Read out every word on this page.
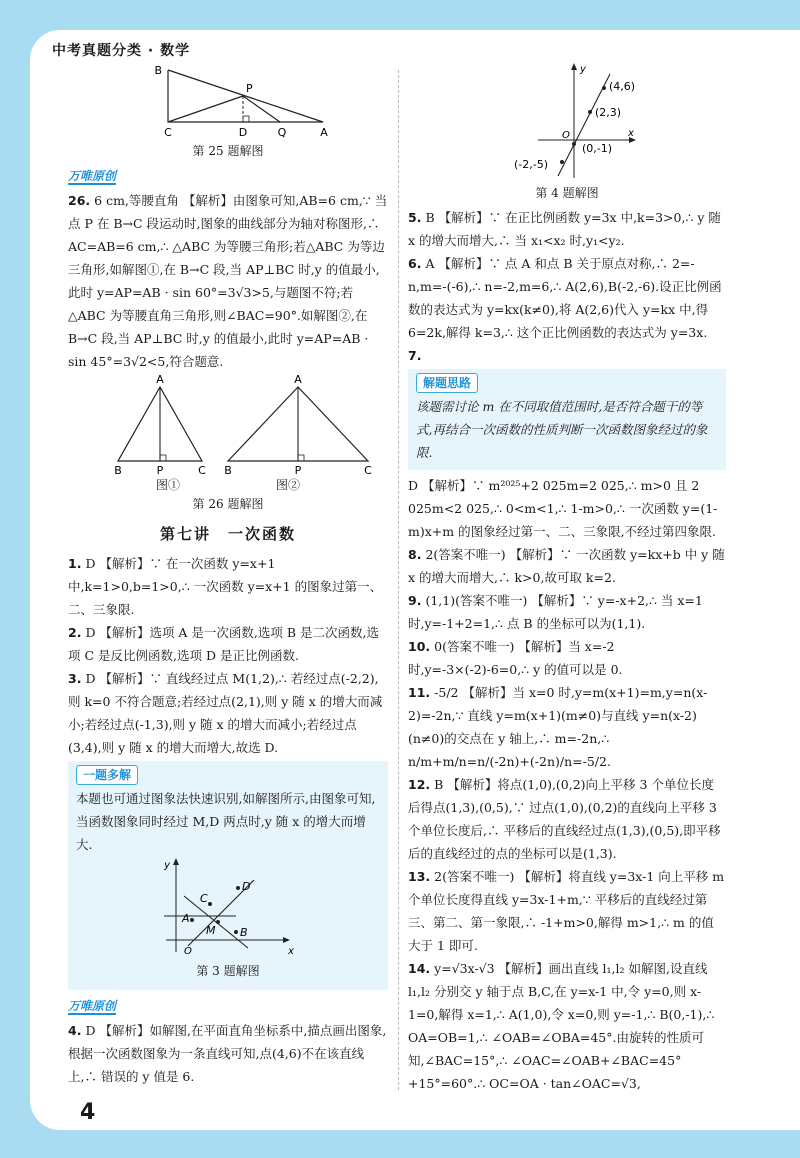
中考真题分类 · 数学
B
P
C	D	Q	A
第 25 题解图
万唯原创
26. 6 cm,等腰直角 【解析】由图象可知,AB=6 cm,∵ 当点 P 在 B→C 段运动时,图象的曲线部分为轴对称图形,∴ AC=AB=6 cm,∴ △ABC 为等腰三角形;若△ABC 为等边三角形,如解图①,在 B→C 段,当 AP⊥BC 时,y 的值最小,此时 y=AP=AB · sin 60°=3√3>5,与题图不符;若△ABC 为等腰直角三角形,则∠BAC=90°.如解图②,在 B→C 段,当 AP⊥BC 时,y 的值最小,此时 y=AP=AB · sin 45°=3√2<5,符合题意.
A
B	P	C
A
B	P	C
图①	图②
第 26 题解图
第七讲　一次函数
1. D 【解析】∵ 在一次函数 y=x+1 中,k=1>0,b=1>0,∴ 一次函数 y=x+1 的图象过第一、二、三象限.
2. D 【解析】选项 A 是一次函数,选项 B 是二次函数,选项 C 是反比例函数,选项 D 是正比例函数.
3. D 【解析】∵ 直线经过点 M(1,2),∴ 若经过点(-2,2),则 k=0 不符合题意;若经过点(2,1),则 y 随 x 的增大而减小;若经过点(-1,3),则 y 随 x 的增大而减小;若经过点(3,4),则 y 随 x 的增大而增大,故选 D.
一题多解
本题也可通过图象法快速识别,如解图所示,由图象可知,当函数图象同时经过 M,D 两点时,y 随 x 的增大而增大.
y
C
D
A
M B
O	x
第 3 题解图
万唯原创
4. D 【解析】如解图,在平面直角坐标系中,描点画出图象,根据一次函数图象为一条直线可知,点(4,6)不在该直线上,∴ 错误的 y 值是 6.
y
(4,6)
(2,3)
O	x
(0,-1)
(-2,-5)
第 4 题解图
5. B 【解析】∵ 在正比例函数 y=3x 中,k=3>0,∴ y 随 x 的增大而增大,∴ 当 x₁<x₂ 时,y₁<y₂.
6. A 【解析】∵ 点 A 和点 B 关于原点对称,∴ 2=-n,m=-(-6),∴ n=-2,m=6,∴ A(2,6),B(-2,-6).设正比例函数的表达式为 y=kx(k≠0),将 A(2,6)代入 y=kx 中,得 6=2k,解得 k=3,∴ 这个正比例函数的表达式为 y=3x.
7.
解题思路
该题需讨论 m 在不同取值范围时,是否符合题干的等式,再结合一次函数的性质判断一次函数图象经过的象限.
D 【解析】∵ m²⁰²⁵+2 025m=2 025,∴ m>0 且 2 025m<2 025,∴ 0<m<1,∴ 1-m>0,∴ 一次函数 y=(1-m)x+m 的图象经过第一、二、三象限,不经过第四象限.
8. 2(答案不唯一) 【解析】∵ 一次函数 y=kx+b 中 y 随 x 的增大而增大,∴ k>0,故可取 k=2.
9. (1,1)(答案不唯一) 【解析】∵ y=-x+2,∴ 当 x=1 时,y=-1+2=1,∴ 点 B 的坐标可以为(1,1).
10. 0(答案不唯一) 【解析】当 x=-2 时,y=-3×(-2)-6=0,∴ y 的值可以是 0.
11. -5/2 【解析】当 x=0 时,y=m(x+1)=m,y=n(x-2)=-2n,∵ 直线 y=m(x+1)(m≠0)与直线 y=n(x-2)(n≠0)的交点在 y 轴上,∴ m=-2n,∴ n/m+m/n=n/(-2n)+(-2n)/n=-5/2.
12. B 【解析】将点(1,0),(0,2)向上平移 3 个单位长度后得点(1,3),(0,5),∵ 过点(1,0),(0,2)的直线向上平移 3 个单位长度后,∴ 平移后的直线经过点(1,3),(0,5),即平移后的直线经过的点的坐标可以是(1,3).
13. 2(答案不唯一) 【解析】将直线 y=3x-1 向上平移 m 个单位长度得直线 y=3x-1+m,∵ 平移后的直线经过第三、第二、第一象限,∴ -1+m>0,解得 m>1,∴ m 的值大于 1 即可.
14. y=√3x-√3 【解析】画出直线 l₁,l₂ 如解图,设直线 l₁,l₂ 分别交 y 轴于点 B,C,在 y=x-1 中,令 y=0,则 x-1=0,解得 x=1,∴ A(1,0),令 x=0,则 y=-1,∴ B(0,-1),∴ OA=OB=1,∴ ∠OAB=∠OBA=45°.由旋转的性质可知,∠BAC=15°,∴ ∠OAC=∠OAB+∠BAC=45°+15°=60°.∴ OC=OA · tan∠OAC=√3,
4
